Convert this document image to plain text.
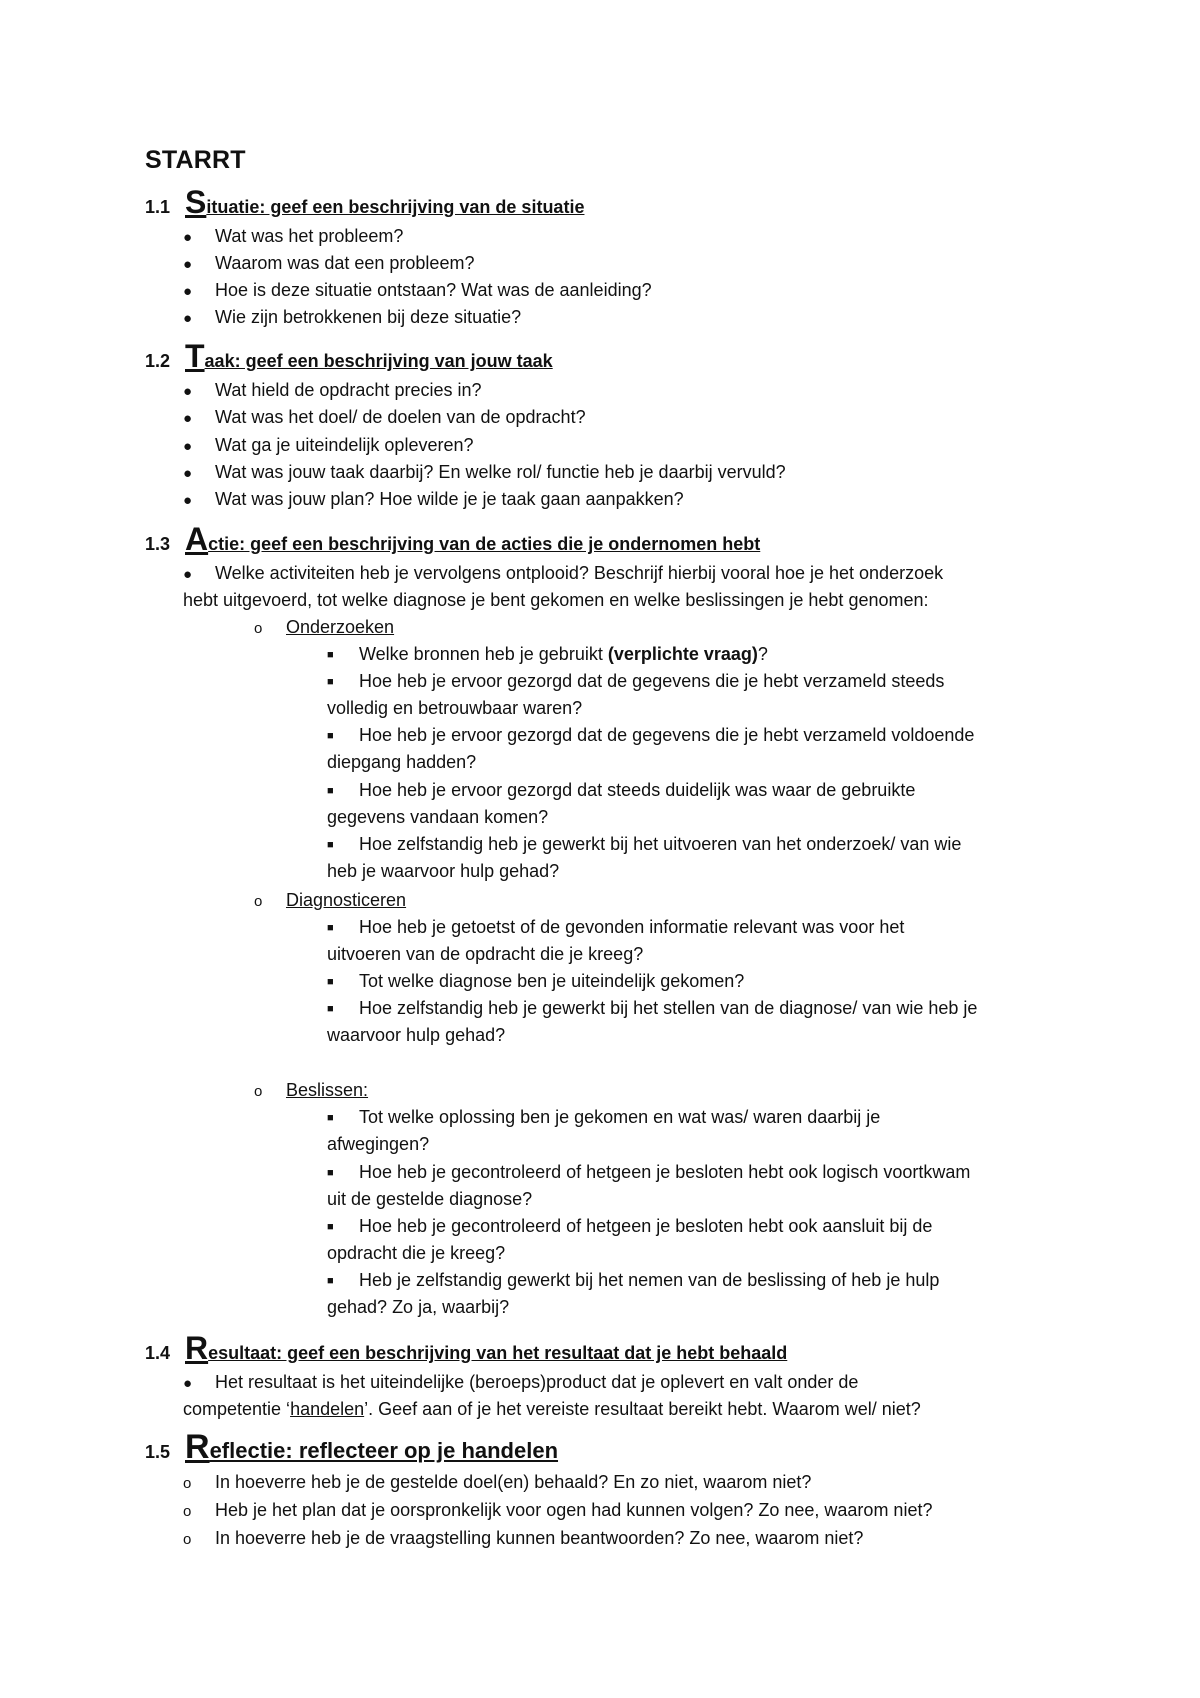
STARRT
1.1 S ituatie: geef een beschrijving van de situatie
● Wat was het probleem?
● Waarom was dat een probleem?
● Hoe is deze situatie ontstaan? Wat was de aanleiding?
● Wie zijn betrokkenen bij deze situatie?
1.2 T aak: geef een beschrijving van jouw taak
● Wat hield de opdracht precies in?
● Wat was het doel/ de doelen van de opdracht?
● Wat ga je uiteindelijk opleveren?
● Wat was jouw taak daarbij? En welke rol/ functie heb je daarbij vervuld?
● Wat was jouw plan? Hoe wilde je je taak gaan aanpakken?
1.3 A ctie: geef een beschrijving van de acties die je ondernomen hebt
● Welke activiteiten heb je vervolgens ontplooid? Beschrijf hierbij vooral hoe je het onderzoek
hebt uitgevoerd, tot welke diagnose je bent gekomen en welke beslissingen je hebt genomen:
o Onderzoeken
■ Welke bronnen heb je gebruikt (verplichte vraag)?
■ Hoe heb je ervoor gezorgd dat de gegevens die je hebt verzameld steeds
volledig en betrouwbaar waren?
■ Hoe heb je ervoor gezorgd dat de gegevens die je hebt verzameld voldoende
diepgang hadden?
■ Hoe heb je ervoor gezorgd dat steeds duidelijk was waar de gebruikte
gegevens vandaan komen?
■ Hoe zelfstandig heb je gewerkt bij het uitvoeren van het onderzoek/ van wie
heb je waarvoor hulp gehad?
o Diagnosticeren
■ Hoe heb je getoetst of de gevonden informatie relevant was voor het
uitvoeren van de opdracht die je kreeg?
■ Tot welke diagnose ben je uiteindelijk gekomen?
■ Hoe zelfstandig heb je gewerkt bij het stellen van de diagnose/ van wie heb je
waarvoor hulp gehad?
o Beslissen:
■ Tot welke oplossing ben je gekomen en wat was/ waren daarbij je
afwegingen?
■ Hoe heb je gecontroleerd of hetgeen je besloten hebt ook logisch voortkwam
uit de gestelde diagnose?
■ Hoe heb je gecontroleerd of hetgeen je besloten hebt ook aansluit bij de
opdracht die je kreeg?
■ Heb je zelfstandig gewerkt bij het nemen van de beslissing of heb je hulp
gehad? Zo ja, waarbij?
1.4 R esultaat: geef een beschrijving van het resultaat dat je hebt behaald
● Het resultaat is het uiteindelijke (beroeps)product dat je oplevert en valt onder de
competentie ‘handelen’. Geef aan of je het vereiste resultaat bereikt hebt. Waarom wel/ niet?
1.5 R eflectie: reflecteer op je handelen
o In hoeverre heb je de gestelde doel(en) behaald? En zo niet, waarom niet?
o Heb je het plan dat je oorspronkelijk voor ogen had kunnen volgen? Zo nee, waarom niet?
o In hoeverre heb je de vraagstelling kunnen beantwoorden? Zo nee, waarom niet?
